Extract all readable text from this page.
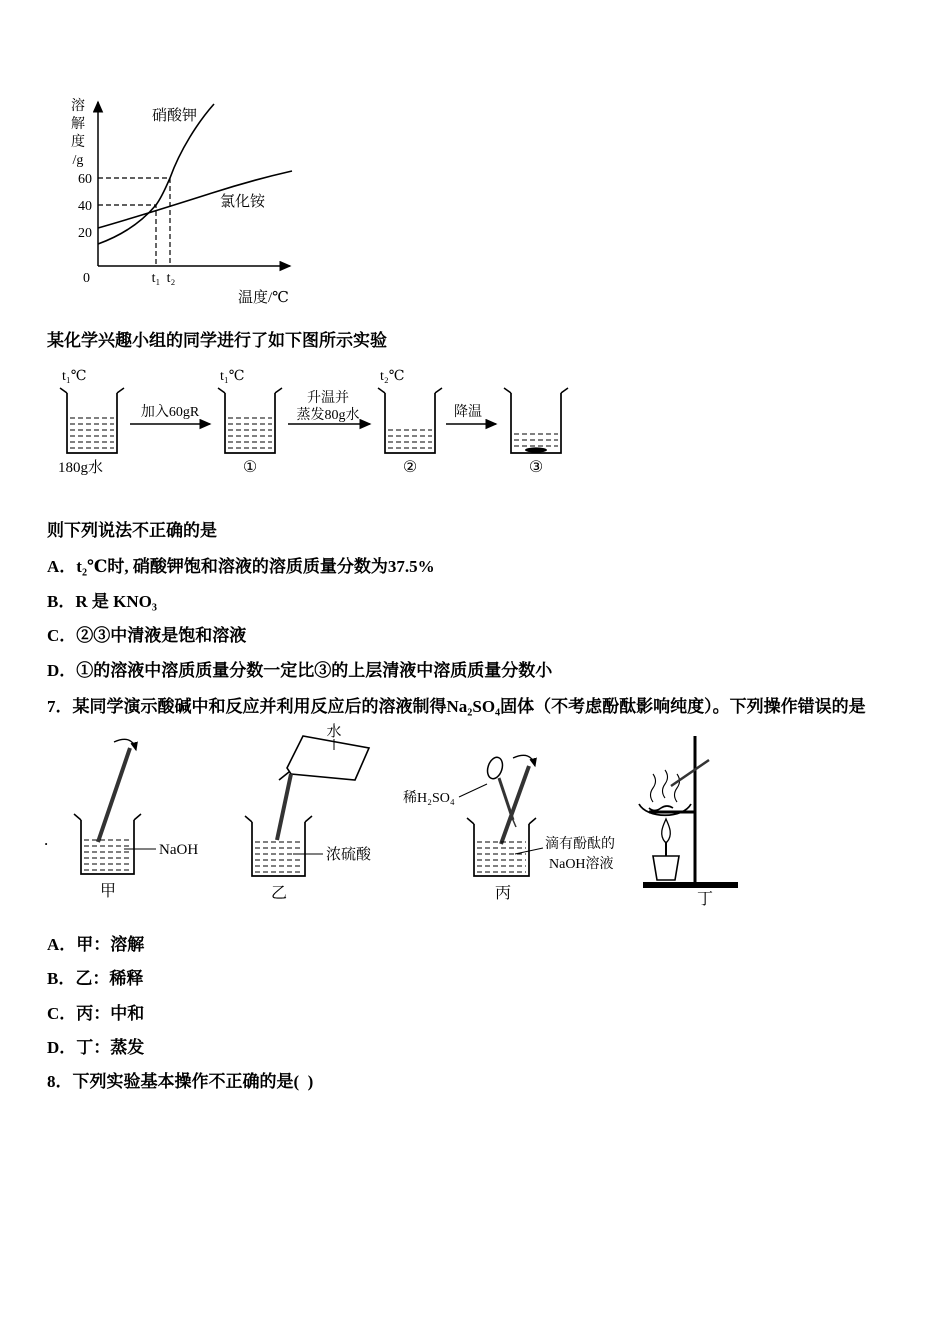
溶
解
度
/g
60
40
20
0
硝酸钾
氯化铵
t₁ t₂
温度/℃
某化学兴趣小组的同学进行了如下图所示实验
t₁℃
180g水
加入60gR
t₁℃
①
升温并
蒸发80g水
t₂℃
②
降温
③
则下列说法不正确的是
A．t₂℃时, 硝酸钾饱和溶液的溶质质量分数为37.5%
B．R 是 KNO₃
C．②③中清液是饱和溶液
D．①的溶液中溶质质量分数一定比③的上层清液中溶质质量分数小
7．某同学演示酸碱中和反应并利用反应后的溶液制得Na₂SO₄固体（不考虑酚酞影响纯度）。下列操作错误的是
.
NaOH
甲
水
浓硫酸
乙
稀H₂SO₄
滴有酚酞的
NaOH溶液
丙	丁
A．甲：溶解
B．乙：稀释
C．丙：中和
D．丁：蒸发
8．下列实验基本操作不正确的是(  )
